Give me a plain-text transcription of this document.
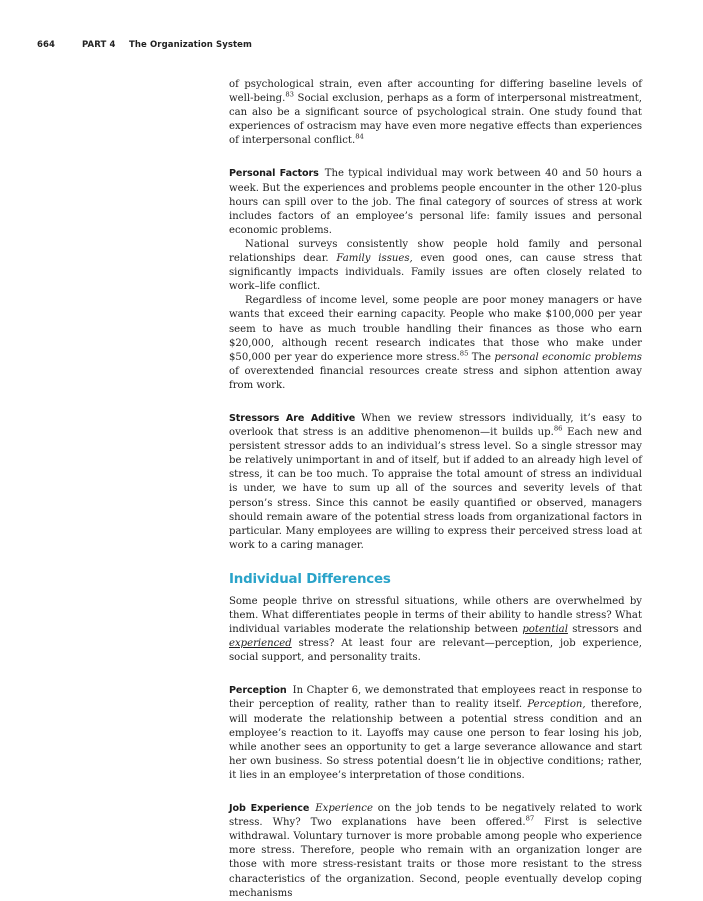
664	PART 4 The Organization System

of psychological strain, even after accounting for differing baseline levels of well-being.$^{83}$ Social exclusion, perhaps as a form of interpersonal mistreatment, can also be a significant source of psychological strain. One study found that experiences of ostracism may have even more negative effects than experiences of interpersonal conflict.$^{84}$

Personal Factors The typical individual may work between 40 and 50 hours a week. But the experiences and problems people encounter in the other 120-plus hours can spill over to the job. The final category of sources of stress at work includes factors of an employee’s personal life: family issues and personal economic problems.

National surveys consistently show people hold family and personal relationships dear. Family issues, even good ones, can cause stress that significantly impacts individuals. Family issues are often closely related to work–life conflict.

Regardless of income level, some people are poor money managers or have wants that exceed their earning capacity. People who make $100,000 per year seem to have as much trouble handling their finances as those who earn $20,000, although recent research indicates that those who make under $50,000 per year do experience more stress.$^{85}$ The personal economic problems of overextended financial resources create stress and siphon attention away from work.

Stressors Are Additive When we review stressors individually, it’s easy to overlook that stress is an additive phenomenon—it builds up.$^{86}$ Each new and persistent stressor adds to an individual’s stress level. So a single stressor may be relatively unimportant in and of itself, but if added to an already high level of stress, it can be too much. To appraise the total amount of stress an individual is under, we have to sum up all of the sources and severity levels of that person’s stress. Since this cannot be easily quantified or observed, managers should remain aware of the potential stress loads from organizational factors in particular. Many employees are willing to express their perceived stress load at work to a caring manager.

Individual Differences

Some people thrive on stressful situations, while others are overwhelmed by them. What differentiates people in terms of their ability to handle stress? What individual variables moderate the relationship between potential stressors and experienced stress? At least four are relevant—perception, job experience, social support, and personality traits.

Perception In Chapter 6, we demonstrated that employees react in response to their perception of reality, rather than to reality itself. Perception, therefore, will moderate the relationship between a potential stress condition and an employee’s reaction to it. Layoffs may cause one person to fear losing his job, while another sees an opportunity to get a large severance allowance and start her own business. So stress potential doesn’t lie in objective conditions; rather, it lies in an employee’s interpretation of those conditions.

Job Experience Experience on the job tends to be negatively related to work stress. Why? Two explanations have been offered.$^{87}$ First is selective withdrawal. Voluntary turnover is more probable among people who experience more stress. Therefore, people who remain with an organization longer are those with more stress-resistant traits or those more resistant to the stress characteristics of the organization. Second, people eventually develop coping mechanisms
